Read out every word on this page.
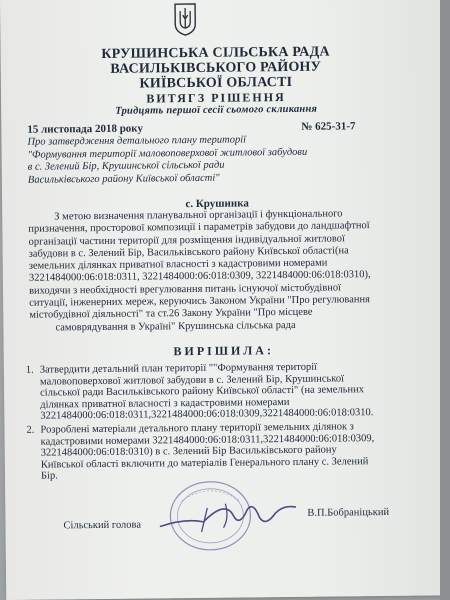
КРУШИНСЬКА СІЛЬСЬКА РАДА
ВАСИЛЬКІВСЬКОГО РАЙОНУ
КИЇВСЬКОЇ ОБЛАСТІ
ВИТЯГЗ РІШЕННЯ
Тридцять першої сесії сьомого скликання
15 листопада 2018 року	№ 625-31-7
Про затвердження детального плану території
"Формування території маловоповерхової житлової забудови
в с. Зелений Бір, Крушинської сільської ради
Васильківського району Київської області"
с. Крушинка
З метою визначення планувальної організації і функціонального
призначення, просторової композиції і параметрів забудови до ландшафтної
організації частини території для розміщення індивідуальної житлової
забудови в с. Зелений Бір, Васильківського району Київської області(на
земельних ділянках приватної власності з кадастровими номерами
3221484000:06:018:0311, 3221484000:06:018:0309, 3221484000:06:018:0310),
виходячи з необхідності врегулювання питань існуючої містобудівної
ситуації, інженерних мереж, керуючись Законом України "Про регулювання
містобудівної діяльності" та ст.26 Закону України "Про місцеве
самоврядування в Україні" Крушинська сільська рада
ВИРІШИЛА:
1. Затвердити детальний план території ""Формування території
маловоповерхової житлової забудови в с. Зелений Бір, Крушинської
сільської ради Васильківського району Київської області" (на земельних
ділянках приватної власності з кадастровими номерами
3221484000:06:018:0311,3221484000:06:018:0309,3221484000:06:018:0310.
2. Розроблені матеріали детального плану території земельних ділянок з
кадастровими номерами 3221484000:06:018:0311,3221484000:06:018:0309,
3221484000:06:018:0310) в с. Зелений Бір Васильківського району
Київської області включити до матеріалів Генерального плану с. Зелений
Бір.
Сільський голова
В.П.Бобраніцький
